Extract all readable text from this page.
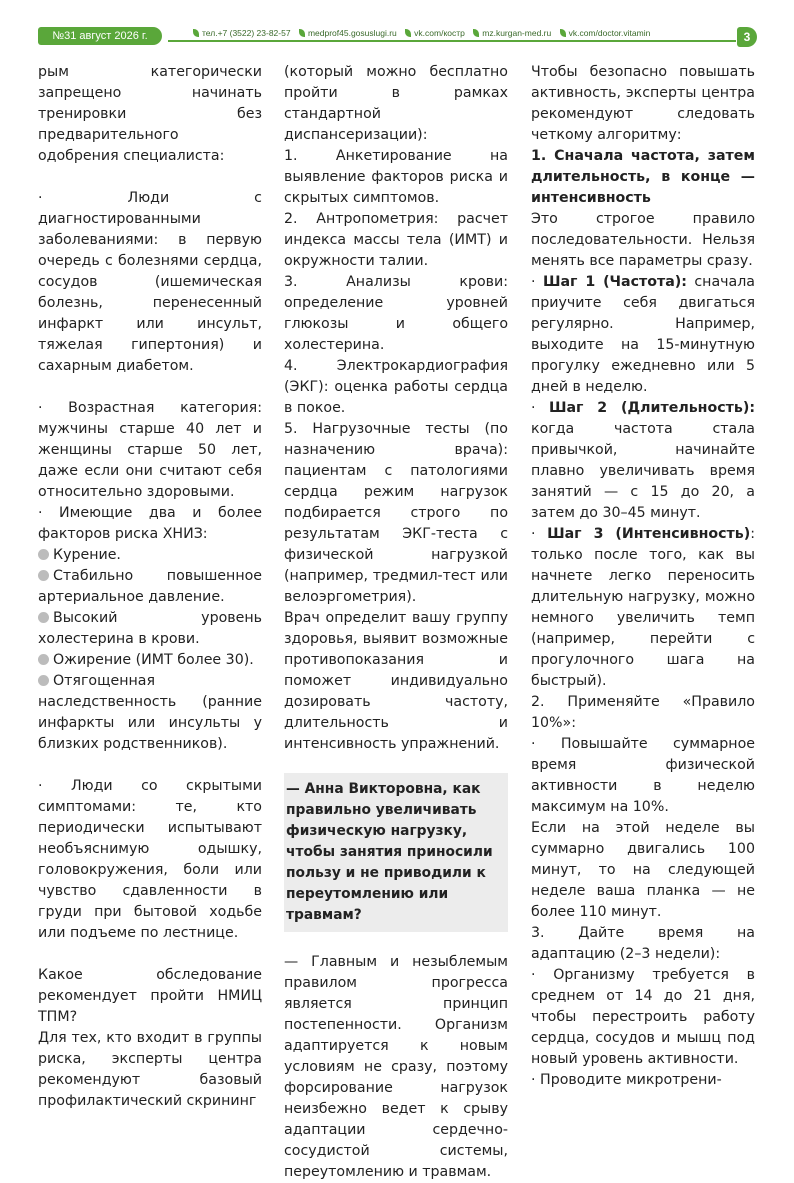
№31 август 2026 г.	тел.+7 (3522) 23-82-57 medprof45.gosuslugi.ru vk.com/костр mz.kurgan-med.ru vk.com/doctor.vitamin	3

рым категорически запрещено начинать тренировки без предварительного одобрения специалиста:

· Люди с диагностированными заболеваниями: в первую очередь с болезнями сердца, сосудов (ишемическая болезнь, перенесенный инфаркт или инсульт, тяжелая гипертония) и сахарным диабетом.

· Возрастная категория: мужчины старше 40 лет и женщины старше 50 лет, даже если они считают себя относительно здоровыми.

· Имеющие два и более факторов риска ХНИЗ:

Курение.

Стабильно повышенное артериальное давление.

Высокий уровень холестерина в крови.

Ожирение (ИМТ более 30).

Отягощенная наследственность (ранние инфаркты или инсульты у близких родственников).

· Люди со скрытыми симптомами: те, кто периодически испытывают необъяснимую одышку, головокружения, боли или чувство сдавленности в груди при бытовой ходьбе или подъеме по лестнице.

Какое обследование рекомендует пройти НМИЦ ТПМ?

Для тех, кто входит в группы риска, эксперты центра рекомендуют базовый профилактический скрининг

(который можно бесплатно пройти в рамках стандартной диспансеризации):

1. Анкетирование на выявление факторов риска и скрытых симптомов.

2. Антропометрия: расчет индекса массы тела (ИМТ) и окружности талии.

3. Анализы крови: определение уровней глюкозы и общего холестерина.

4. Электрокардиография (ЭКГ): оценка работы сердца в покое.

5. Нагрузочные тесты (по назначению врача): пациентам с патологиями сердца режим нагрузок подбирается строго по результатам ЭКГ-теста с физической нагрузкой (например, тредмил-тест или велоэргометрия).

Врач определит вашу группу здоровья, выявит возможные противопоказания и поможет индивидуально дозировать частоту, длительность и интенсивность упражнений.

— Анна Викторовна, как правильно увеличивать физическую нагрузку, чтобы занятия приносили пользу и не приводили к переутомлению или травмам?

— Главным и незыблемым правилом прогресса является принцип постепенности. Организм адаптируется к новым условиям не сразу, поэтому форсирование нагрузок неизбежно ведет к срыву адаптации сердечно-сосудистой системы, переутомлению и травмам.

Чтобы безопасно повышать активность, эксперты центра рекомендуют следовать четкому алгоритму:

1. Сначала частота, затем длительность, в конце — интенсивность

Это строгое правило последовательности. Нельзя менять все параметры сразу.

· Шаг 1 (Частота): сначала приучите себя двигаться регулярно. Например, выходите на 15-минутную прогулку ежедневно или 5 дней в неделю.

· Шаг 2 (Длительность): когда частота стала привычкой, начинайте плавно увеличивать время занятий — с 15 до 20, а затем до 30–45 минут.

· Шаг 3 (Интенсивность): только после того, как вы начнете легко переносить длительную нагрузку, можно немного увеличить темп (например, перейти с прогулочного шага на быстрый).

2. Применяйте «Правило 10%»:

· Повышайте суммарное время физической активности в неделю максимум на 10%.

Если на этой неделе вы суммарно двигались 100 минут, то на следующей неделе ваша планка — не более 110 минут.

3. Дайте время на адаптацию (2–3 недели):

· Организму требуется в среднем от 14 до 21 дня, чтобы перестроить работу сердца, сосудов и мышц под новый уровень активности.

· Проводите микротрени-
